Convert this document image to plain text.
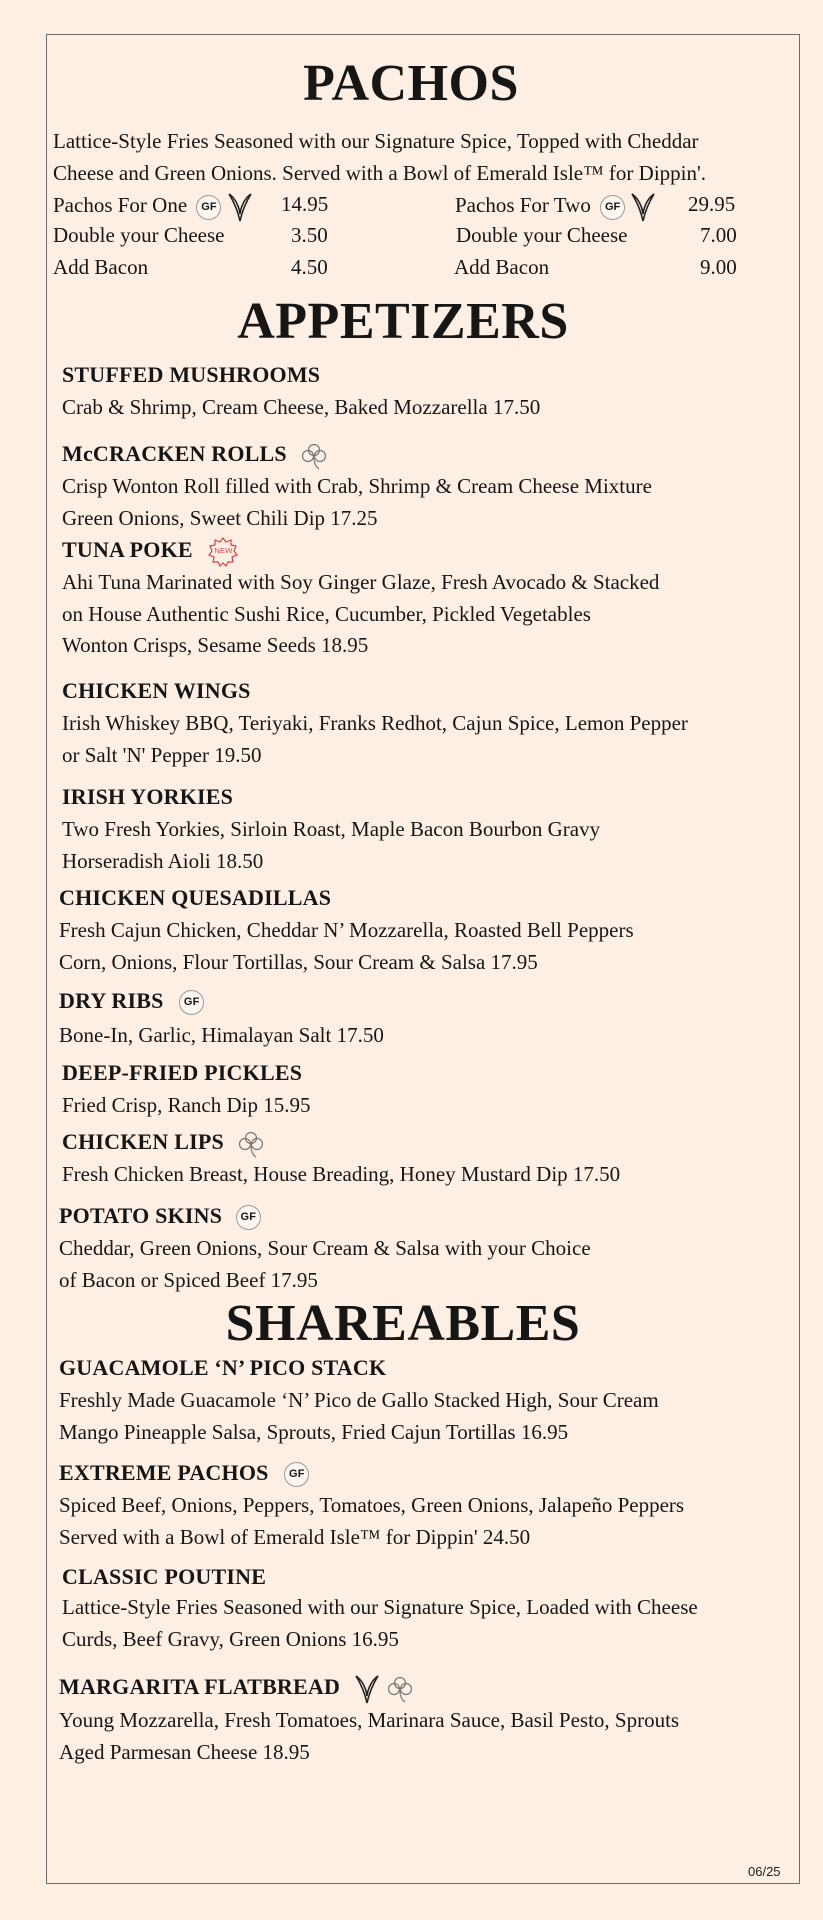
PACHOS
Lattice-Style Fries Seasoned with our Signature Spice, Topped with Cheddar
Cheese and Green Onions. Served with a Bowl of Emerald Isle™ for Dippin'.
Pachos For One GF	14.95
Double your Cheese	3.50
Add Bacon	4.50
Pachos For Two GF	29.95
Double your Cheese	7.00
Add Bacon	9.00
APPETIZERS
STUFFED MUSHROOMS
Crab & Shrimp, Cream Cheese, Baked Mozzarella 17.50
McCRACKEN ROLLS
Crisp Wonton Roll filled with Crab, Shrimp & Cream Cheese Mixture
Green Onions, Sweet Chili Dip 17.25
TUNA POKE	NEW
Ahi Tuna Marinated with Soy Ginger Glaze, Fresh Avocado & Stacked
on House Authentic Sushi Rice, Cucumber, Pickled Vegetables
Wonton Crisps, Sesame Seeds 18.95
CHICKEN WINGS
Irish Whiskey BBQ, Teriyaki, Franks Redhot, Cajun Spice, Lemon Pepper
or Salt 'N' Pepper 19.50
IRISH YORKIES
Two Fresh Yorkies, Sirloin Roast, Maple Bacon Bourbon Gravy
Horseradish Aioli 18.50
CHICKEN QUESADILLAS
Fresh Cajun Chicken, Cheddar N’ Mozzarella, Roasted Bell Peppers
Corn, Onions, Flour Tortillas, Sour Cream & Salsa 17.95
DRY RIBS GF
Bone-In, Garlic, Himalayan Salt 17.50
DEEP-FRIED PICKLES
Fried Crisp, Ranch Dip 15.95
CHICKEN LIPS
Fresh Chicken Breast, House Breading, Honey Mustard Dip 17.50
POTATO SKINS GF
Cheddar, Green Onions, Sour Cream & Salsa with your Choice
of Bacon or Spiced Beef 17.95
SHAREABLES
GUACAMOLE ‘N’ PICO STACK
Freshly Made Guacamole ‘N’ Pico de Gallo Stacked High, Sour Cream
Mango Pineapple Salsa, Sprouts, Fried Cajun Tortillas 16.95
EXTREME PACHOS GF
Spiced Beef, Onions, Peppers, Tomatoes, Green Onions, Jalapeño Peppers
Served with a Bowl of Emerald Isle™ for Dippin' 24.50
CLASSIC POUTINE
Lattice-Style Fries Seasoned with our Signature Spice, Loaded with Cheese
Curds, Beef Gravy, Green Onions 16.95
MARGARITA FLATBREAD
Young Mozzarella, Fresh Tomatoes, Marinara Sauce, Basil Pesto, Sprouts
Aged Parmesan Cheese 18.95
06/25
